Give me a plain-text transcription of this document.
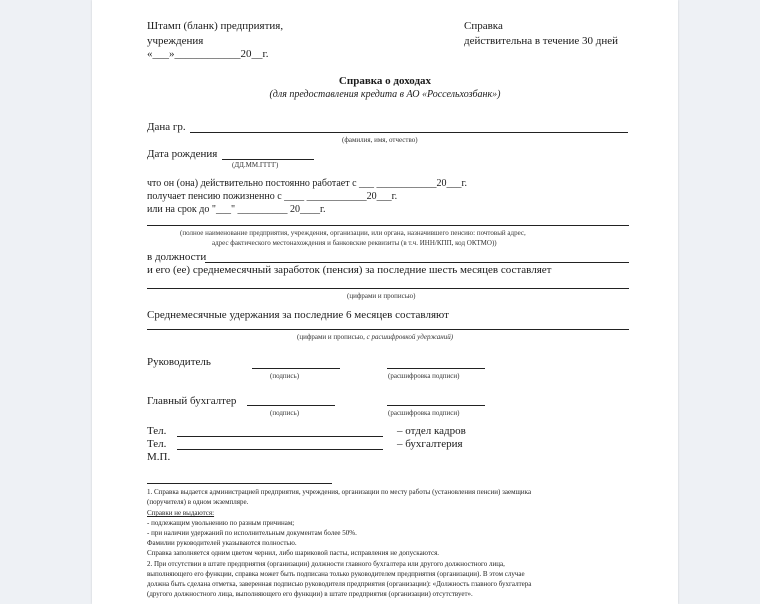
Штамп (бланк) предприятия,
учреждения
«___»____________20__г.
Справка
действительна в течение 30 дней
Справка о доходах
(для предоставления кредита в АО «Россельхозбанк»)
Дана гр.
(фамилия, имя, отчество)
Дата рождения
(ДД.ММ.ГГГГ)
что он (она) действительно постоянно работает с ___ ____________20___г.
получает пенсию пожизненно с ____ ____________20___г.
или на срок до "___" __________ 20____г.
(полное наименование предприятия, учреждения, организации, или органа, назначившего пенсию: почтовый адрес,
адрес фактического местонахождения и банковские реквизиты (в т.ч. ИНН/КПП, код ОКТМО))
в должности
и его (ее) среднемесячный заработок (пенсия) за последние шесть месяцев составляет
(цифрами и прописью)
Среднемесячные удержания за последние 6 месяцев составляют
(цифрами и прописью, с расшифровкой удержаний)
Руководитель
(подпись)	(расшифровка подписи)
Главный бухгалтер
(подпись)	(расшифровка подписи)
Тел.	– отдел кадров
Тел.	– бухгалтерия
М.П.
1. Справка выдается администрацией предприятия, учреждения, организации по месту работы (установления пенсии) заемщика
(поручителя) в одном экземпляре.
Справки не выдаются:
- подлежащим увольнению по разным причинам;
- при наличии удержаний по исполнительным документам более 50%.
Фамилии руководителей указываются полностью.
Справка заполняется одним цветом чернил, либо шариковой пасты, исправления не допускаются.
2. При отсутствии в штате предприятия (организации) должности главного бухгалтера или другого должностного лица,
выполняющего его функции, справка может быть подписана только руководителем предприятия (организации). В этом случае
должна быть сделана отметка, заверенная подписью руководителя предприятия (организации): «Должность главного бухгалтера
(другого должностного лица, выполняющего его функции) в штате предприятия (организации) отсутствует».
